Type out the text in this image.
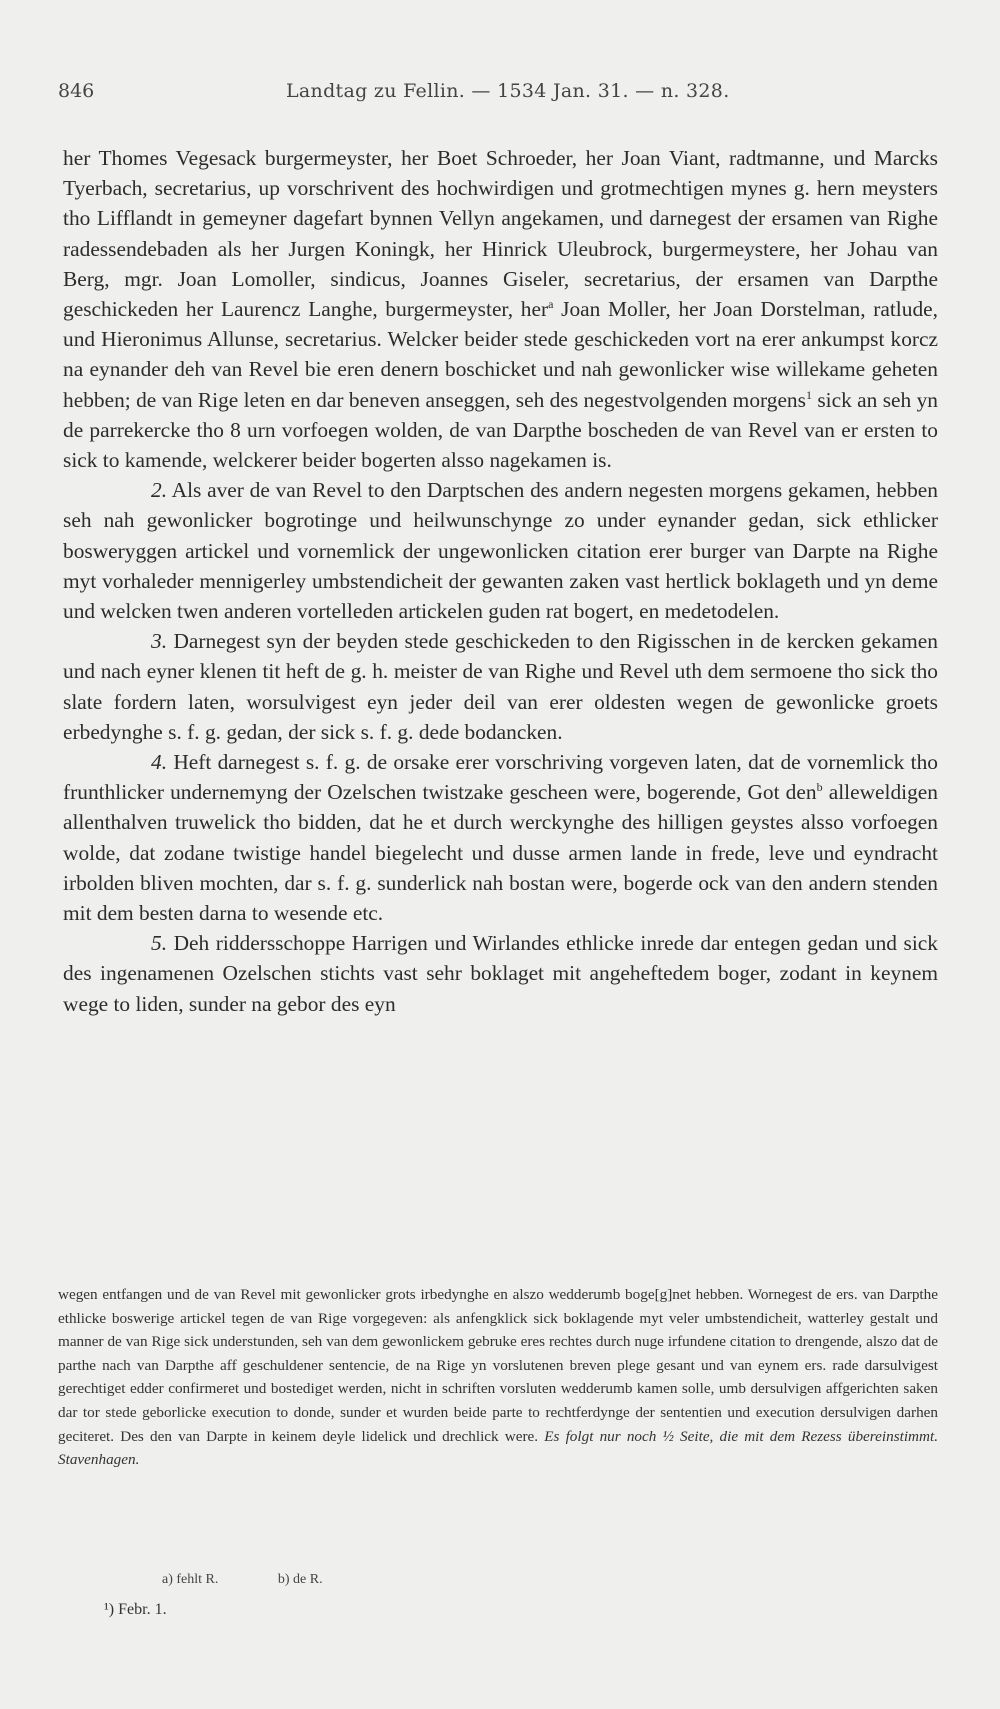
846	Landtag zu Fellin. — 1534 Jan. 31. — n. 328.

her Thomes Vegesack burgermeyster, her Boet Schroeder, her Joan Viant, radtmanne, und Marcks Tyerbach, secretarius, up vorschrivent des hochwirdigen und grotmechtigen mynes g. hern meysters tho Lifflandt in gemeyner dagefart bynnen Vellyn angekamen, und darnegest der ersamen van Righe radessendebaden als her Jurgen Koningk, her Hinrick Uleubrock, burgermeystere, her Johau van Berg, mgr. Joan Lomoller, sindicus, Joannes Giseler, secretarius, der ersamen van Darpthe geschickeden her Laurencz Langhe, burgermeyster, her$^a$ Joan Moller, her Joan Dorstelman, ratlude, und Hieronimus Allunse, secretarius. Welcker beider stede geschickeden vort na erer ankumpst korcz na eynander deh van Revel bie eren denern boschicket und nah gewonlicker wise willekame geheten hebben; de van Rige leten en dar beneven anseggen, seh des negestvolgenden morgens$^1$ sick an seh yn de parrekercke tho 8 urn vorfoegen wolden, de van Darpthe boscheden de van Revel van er ersten to sick to kamende, welckerer beider bogerten alsso nagekamen is.

2. Als aver de van Revel to den Darptschen des andern negesten morgens gekamen, hebben seh nah gewonlicker bogrotinge und heilwunschynge zo under eynander gedan, sick ethlicker bosweryggen artickel und vornemlick der ungewonlicken citation erer burger van Darpte na Righe myt vorhaleder mennigerley umbstendicheit der gewanten zaken vast hertlick boklageth und yn deme und welcken twen anderen vortelleden artickelen guden rat bogert, en medetodelen.

3. Darnegest syn der beyden stede geschickeden to den Rigisschen in de kercken gekamen und nach eyner klenen tit heft de g. h. meister de van Righe und Revel uth dem sermoene tho sick tho slate fordern laten, worsulvigest eyn jeder deil van erer oldesten wegen de gewonlicke groets erbedynghe s. f. g. gedan, der sick s. f. g. dede bodancken.

4. Heft darnegest s. f. g. de orsake erer vorschriving vorgeven laten, dat de vornemlick tho frunthlicker undernemyng der Ozelschen twistzake gescheen were, bogerende, Got den$^b$ alleweldigen allenthalven truwelick tho bidden, dat he et durch werckynghe des hilligen geystes alsso vorfoegen wolde, dat zodane twistige handel biegelecht und dusse armen lande in frede, leve und eyndracht irbolden bliven mochten, dar s. f. g. sunderlick nah bostan were, bogerde ock van den andern stenden mit dem besten darna to wesende etc.

5. Deh riddersschoppe Harrigen und Wirlandes ethlicke inrede dar entegen gedan und sick des ingenamenen Ozelschen stichts vast sehr boklaget mit angeheftedem boger, zodant in keynem wege to liden, sunder na gebor des eyn

wegen entfangen und de van Revel mit gewonlicker grots irbedynghe en alszo wedderumb boge[g]net hebben. Wornegest de ers. van Darpthe ethlicke boswerige artickel tegen de van Rige vorgegeven: als anfengklick sick boklagende myt veler umbstendicheit, watterley gestalt und manner de van Rige sick understunden, seh van dem gewonlickem gebruke eres rechtes durch nuge irfundene citation to drengende, alszo dat de parthe nach van Darpthe aff geschuldener sentencie, de na Rige yn vorslutenen breven plege gesant und van eynem ers. rade darsulvigest gerechtiget edder confirmeret und bostediget werden, nicht in schriften vorsluten wedderumb kamen solle, umb dersulvigen affgerichten saken dar tor stede geborlicke execution to donde, sunder et wurden beide parte to rechtferdynge der sententien und execution dersulvigen darhen geciteret. Des den van Darpte in keinem deyle lidelick und drechlick were. Es folgt nur noch ½ Seite, die mit dem Rezess übereinstimmt. Stavenhagen.

a) fehlt R.	b) de R.
¹) Febr. 1.
